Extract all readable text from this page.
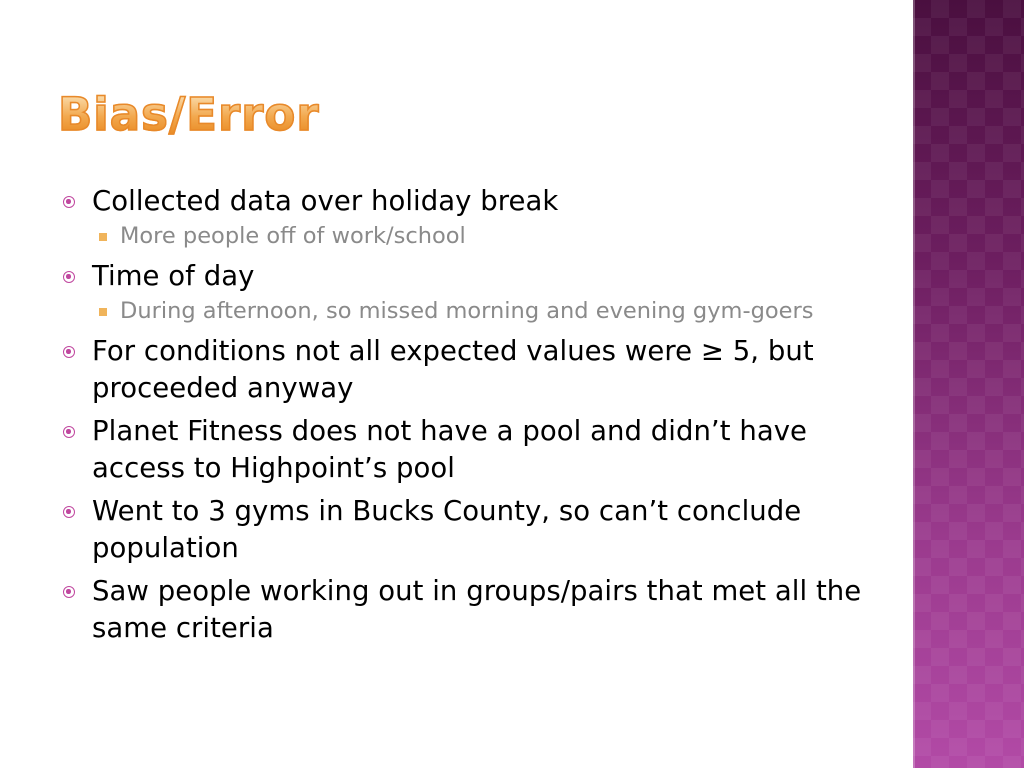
Bias/Error
Collected data over holiday break
More people off of work/school
Time of day
During afternoon, so missed morning and evening gym-goers
For conditions not all expected values were ≥ 5, but proceeded anyway
Planet Fitness does not have a pool and didn’t have access to Highpoint’s pool
Went to 3 gyms in Bucks County, so can’t conclude population
Saw people working out in groups/pairs that met all the same criteria
